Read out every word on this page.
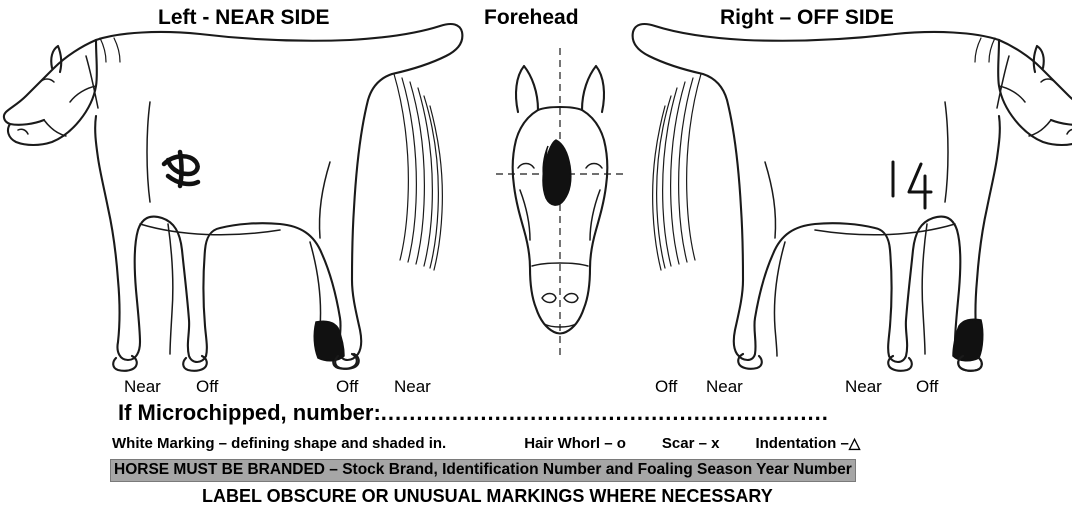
Left - NEAR SIDE	Forehead	Right – OFF SIDE
Near Off	Off Near	Off Near	Near Off
If Microchipped, number:...............................................................
White Marking – defining shape and shaded in.	Hair Whorl – o Scar – x Indentation –△
HORSE MUST BE BRANDED – Stock Brand, Identification Number and Foaling Season Year Number
LABEL OBSCURE OR UNUSUAL MARKINGS WHERE NECESSARY
